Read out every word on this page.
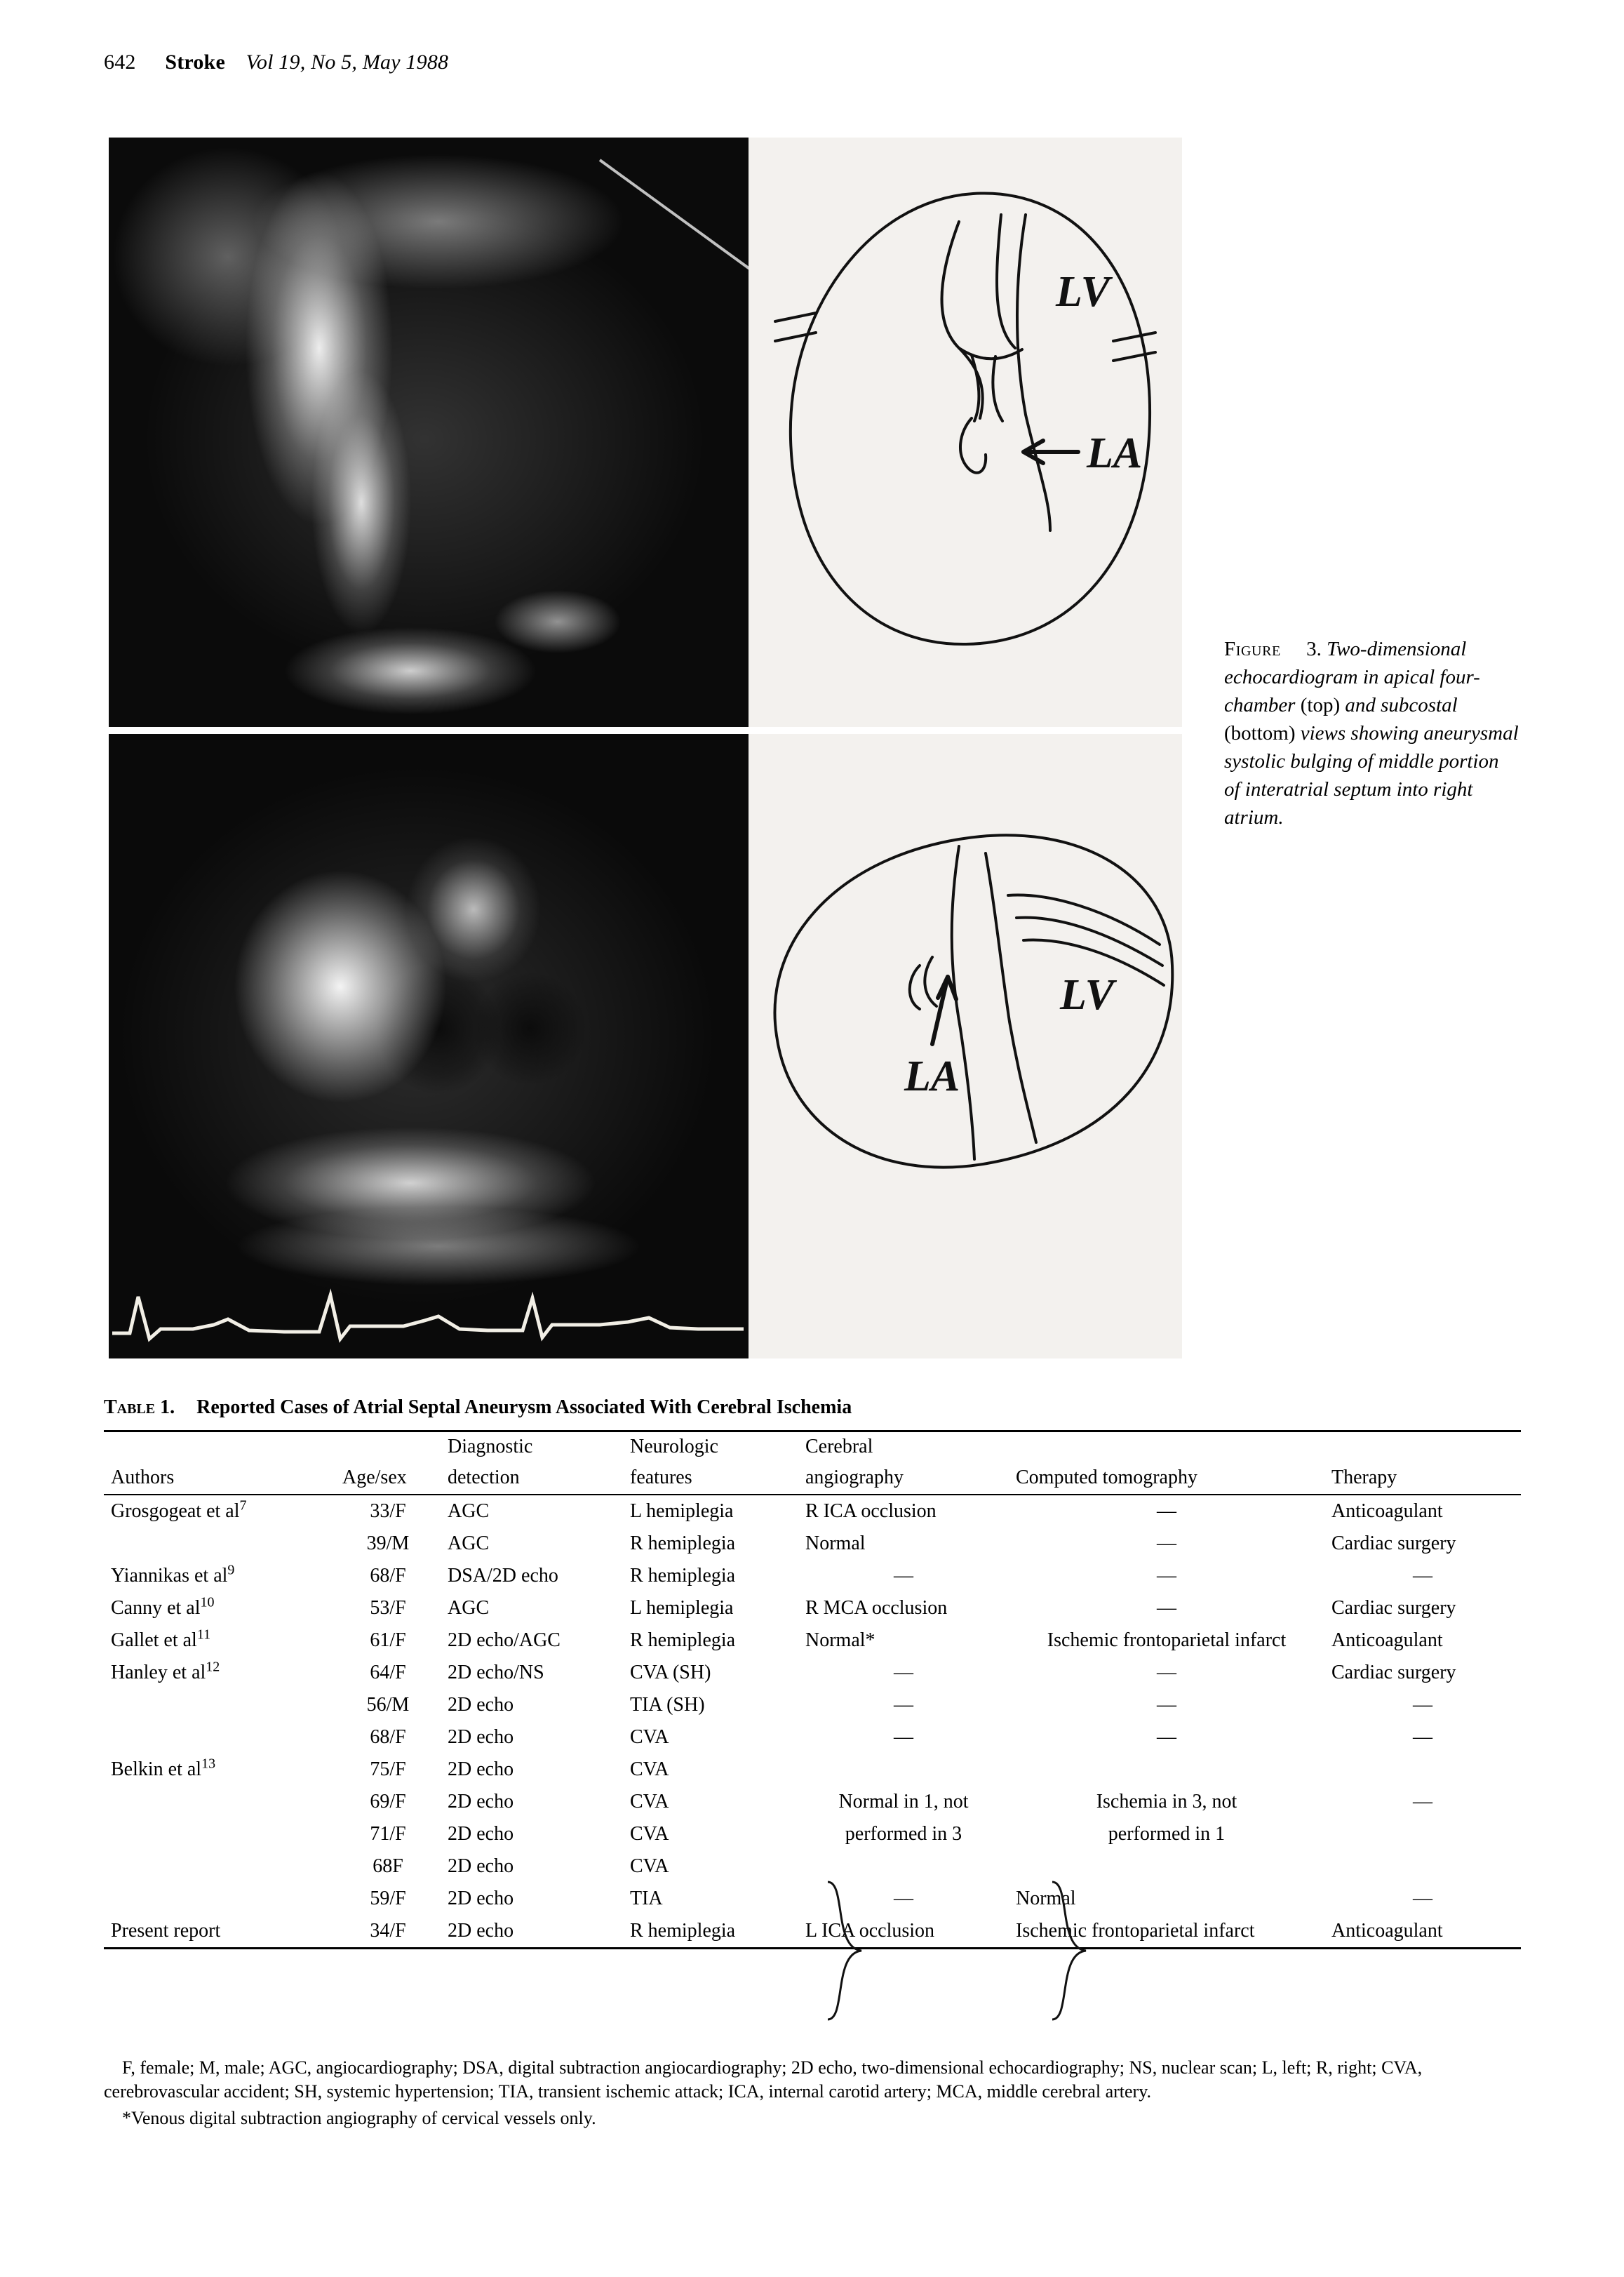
642 Stroke Vol 19, No 5, May 1988
LV
LA
LA
LV
Figure 3. Two-dimensional echocardiogram in apical four-chamber (top) and subcostal (bottom) views showing aneurysmal systolic bulging of middle portion of interatrial septum into right atrium.
Table 1. Reported Cases of Atrial Septal Aneurysm Associated With Cerebral Ischemia
		Diagnostic	Neurologic	Cerebral		
Authors	Age/sex	detection	features	angiography	Computed tomography	Therapy
Grosgogeat et $al^7$	33/F	AGC	L hemiplegia	R ICA occlusion	—	Anticoagulant
	39/M	AGC	R hemiplegia	Normal	—	Cardiac surgery
Yiannikas et $al^9$	68/F	DSA/2D echo	R hemiplegia	—	—	—
Canny et $al^{10}$	53/F	AGC	L hemiplegia	R MCA occlusion	—	Cardiac surgery
Gallet et $al^{11}$	61/F	2D echo/AGC	R hemiplegia	Normal*	Ischemic frontoparietal infarct	Anticoagulant
Hanley et $al^{12}$	64/F	2D echo/NS	CVA (SH)	—	—	Cardiac surgery
	56/M	2D echo	TIA (SH)	—	—	—
	68/F	2D echo	CVA	—	—	—
Belkin et $al^{13}$	75/F	2D echo	CVA			
	69/F	2D echo	CVA	Normal in 1, not	Ischemia in 3, not	—
	71/F	2D echo	CVA	performed in 3	performed in 1	
	68F	2D echo	CVA			
	59/F	2D echo	TIA	—	Normal	—
Present report	34/F	2D echo	R hemiplegia	L ICA occlusion	Ischemic frontoparietal infarct	Anticoagulant

F, female; M, male; AGC, angiocardiography; DSA, digital subtraction angiocardiography; 2D echo, two-dimensional echocardiography; NS, nuclear scan; L, left; R, right; CVA, cerebrovascular accident; SH, systemic hypertension; TIA, transient ischemic attack; ICA, internal carotid artery; MCA, middle cerebral artery.

*Venous digital subtraction angiography of cervical vessels only.
